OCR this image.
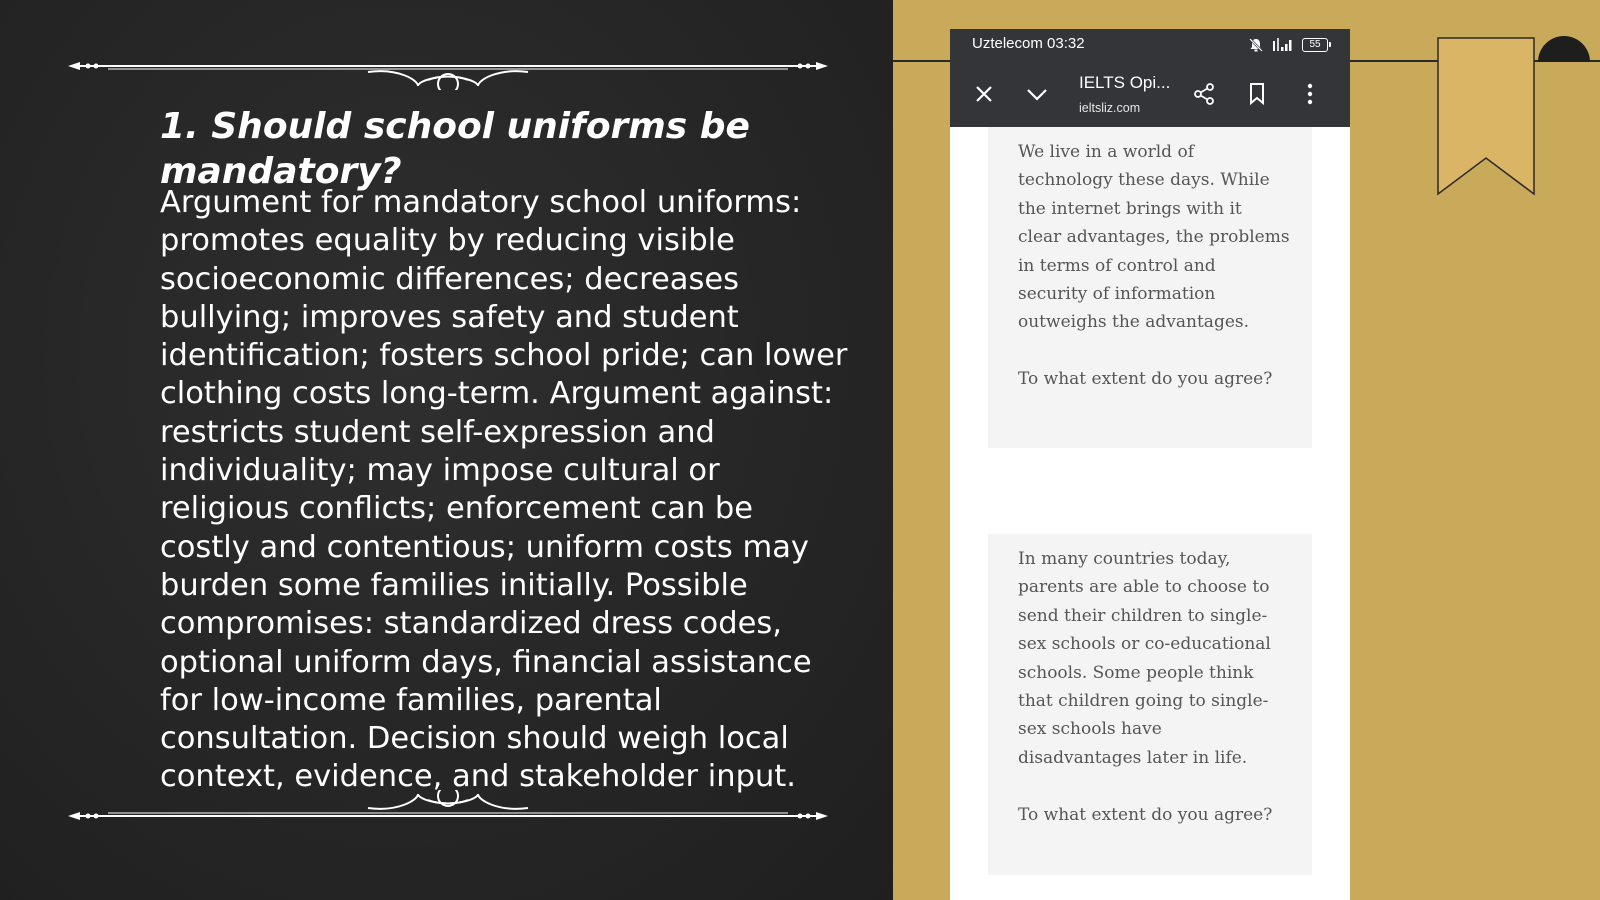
1. Should school uniforms be mandatory?

Argument for mandatory school uniforms: promotes equality by reducing visible socioeconomic differences; decreases bullying; improves safety and student identification; fosters school pride; can lower clothing costs long-term. Argument against: restricts student self-expression and individuality; may impose cultural or religious conflicts; enforcement can be costly and contentious; uniform costs may burden some families initially. Possible compromises: standardized dress codes, optional uniform days, financial assistance for low-income families, parental consultation. Decision should weigh local context, evidence, and stakeholder input.

Uztelecom 03:32	55
IELTS Opi...
ieltsliz.com

We live in a world of technology these days. While the internet brings with it clear advantages, the problems in terms of control and security of information outweighs the advantages.

To what extent do you agree?

In many countries today, parents are able to choose to send their children to single-sex schools or co-educational schools. Some people think that children going to single-sex schools have disadvantages later in life.

To what extent do you agree?
